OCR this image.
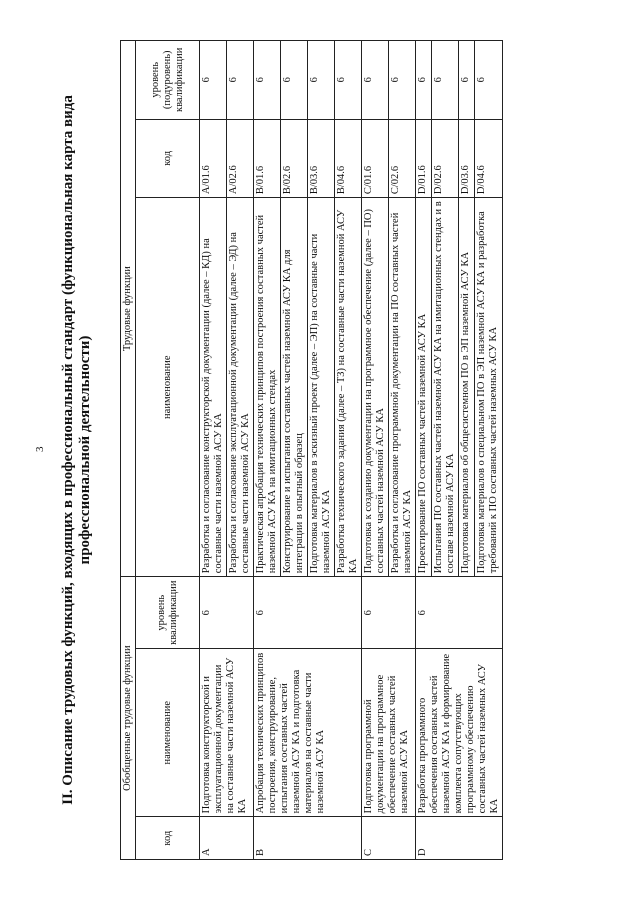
3 II. Описание трудовых функций, входящих в профессиональный стандарт (функциональная карта вида профессиональной деятельности)
Обобщенные трудовые функции			Трудовые функции		
код	наименование	уровень квалификации	наименование	код	уровень (подуровень) квалификации
A	Подготовка конструкторской и эксплуатационной документации на составные части наземной АСУ КА	6	Разработка и согласование конструкторской документации (далее – КД) на составные части наземной АСУ КА	A/01.6	6
			Разработка и согласование эксплуатационной документации (далее – ЭД) на составные части наземной АСУ КА	A/02.6	6
B	Апробация технических принципов построения, конструирование, испытания составных частей наземной АСУ КА и подготовка материалов на составные части наземной АСУ КА	6	Практическая апробация технических принципов построения составных частей наземной АСУ КА на имитационных стендах	B/01.6	6
			Конструирование и испытания составных частей наземной АСУ КА для интеграции в опытный образец	B/02.6	6
			Подготовка материалов в эскизный проект (далее – ЭП) на составные части наземной АСУ КА	B/03.6	6
			Разработка технического задания (далее – ТЗ) на составные части наземной АСУ КА	B/04.6	6
C	Подготовка программной документации на программное обеспечение составных частей наземной АСУ КА	6	Подготовка к созданию документации на программное обеспечение (далее – ПО) составных частей наземной АСУ КА	C/01.6	6
			Разработка и согласование программной документации на ПО составных частей наземной АСУ КА	C/02.6	6
D	Разработка программного обеспечения составных частей наземной АСУ КА и формирование комплекта сопутствующих программному обеспечению составных частей наземных АСУ КА	6	Проектирование ПО составных частей наземной АСУ КА	D/01.6	6
			Испытания ПО составных частей наземной АСУ КА на имитационных стендах и в составе наземной АСУ КА	D/02.6	6
			Подготовка материалов об общесистемном ПО в ЭП наземной АСУ КА	D/03.6	6
			Подготовка материалов о специальном ПО в ЭП наземной АСУ КА и разработка требований к ПО составных частей наземных АСУ КА	D/04.6	6
